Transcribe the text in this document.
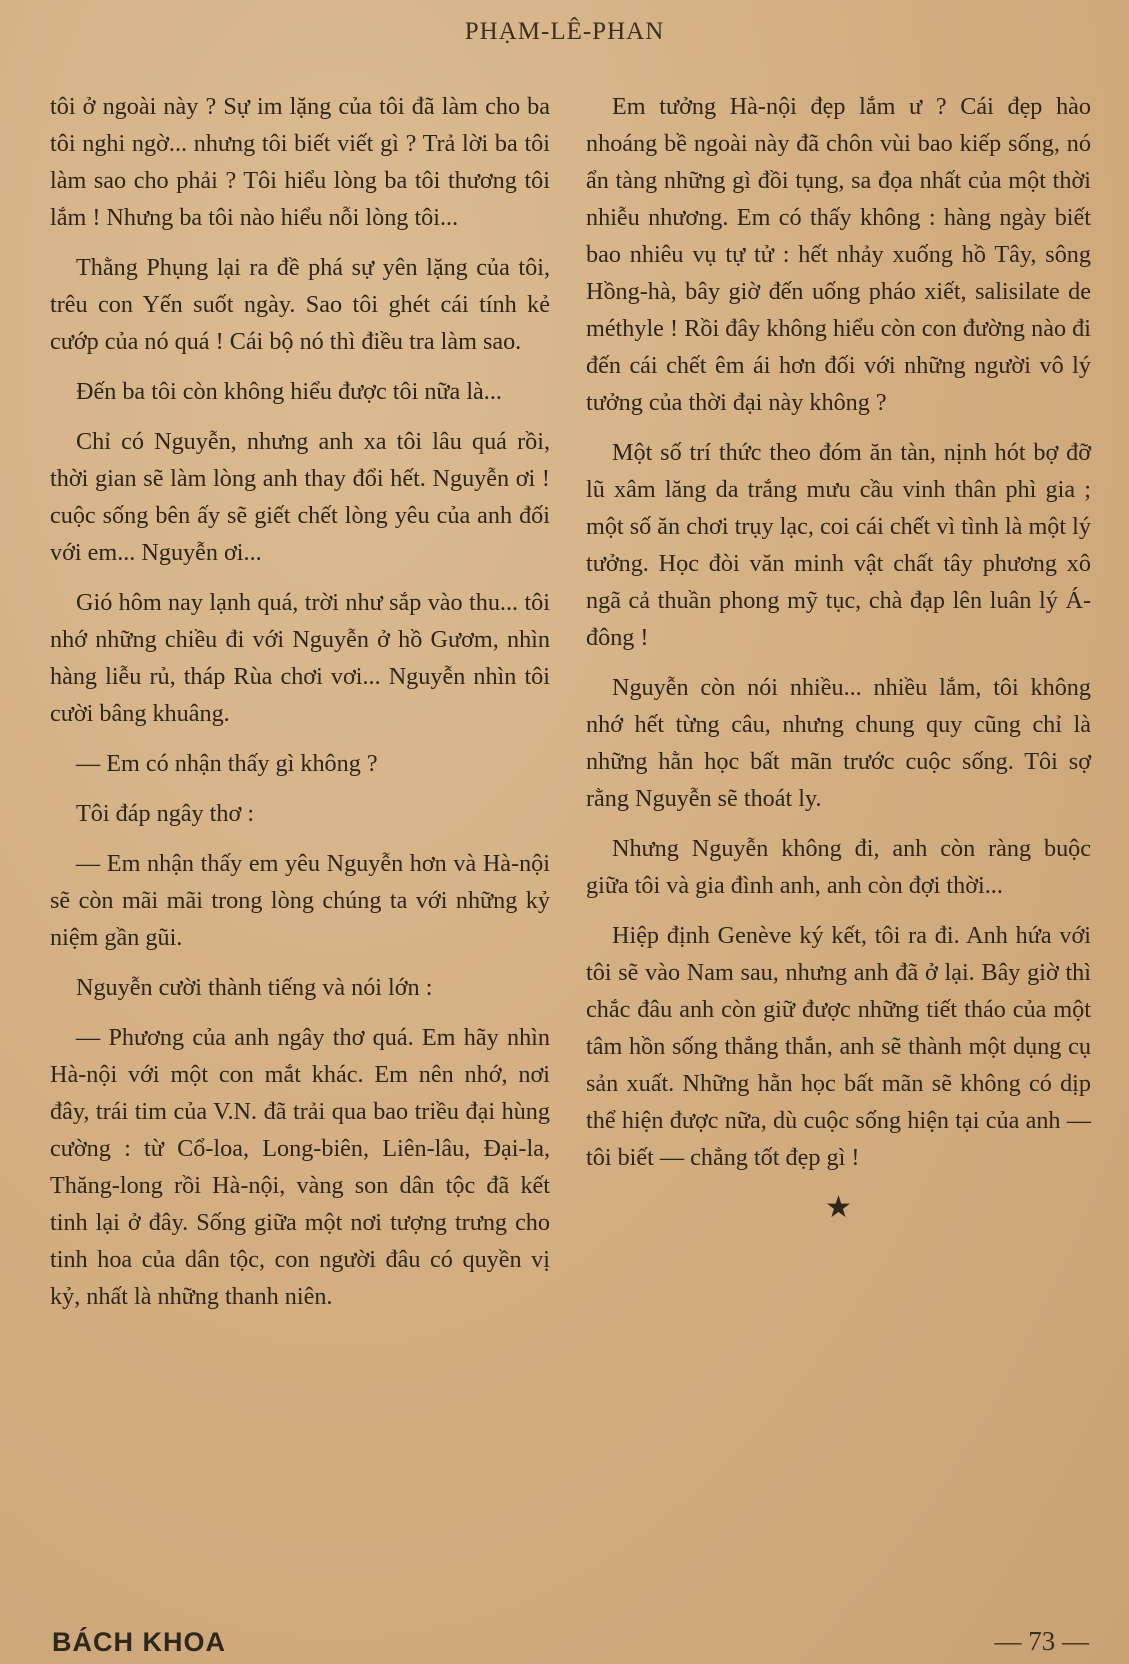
PHẠM-LÊ-PHAN

tôi ở ngoài này ? Sự im lặng của tôi đã làm cho ba tôi nghi ngờ... nhưng tôi biết viết gì ? Trả lời ba tôi làm sao cho phải ? Tôi hiểu lòng ba tôi thương tôi lắm ! Nhưng ba tôi nào hiểu nỗi lòng tôi...

Thằng Phụng lại ra đề phá sự yên lặng của tôi, trêu con Yến suốt ngày. Sao tôi ghét cái tính kẻ cướp của nó quá ! Cái bộ nó thì điều tra làm sao.

Đến ba tôi còn không hiểu được tôi nữa là...

Chỉ có Nguyễn, nhưng anh xa tôi lâu quá rồi, thời gian sẽ làm lòng anh thay đổi hết. Nguyễn ơi ! cuộc sống bên ấy sẽ giết chết lòng yêu của anh đối với em... Nguyễn ơi...

Gió hôm nay lạnh quá, trời như sắp vào thu... tôi nhớ những chiều đi với Nguyễn ở hồ Gươm, nhìn hàng liễu rủ, tháp Rùa chơi vơi... Nguyễn nhìn tôi cười bâng khuâng.

— Em có nhận thấy gì không ?

Tôi đáp ngây thơ :

— Em nhận thấy em yêu Nguyễn hơn và Hà-nội sẽ còn mãi mãi trong lòng chúng ta với những kỷ niệm gần gũi.

Nguyễn cười thành tiếng và nói lớn :

— Phương của anh ngây thơ quá. Em hãy nhìn Hà-nội với một con mắt khác. Em nên nhớ, nơi đây, trái tim của V.N. đã trải qua bao triều đại hùng cường : từ Cổ-loa, Long-biên, Liên-lâu, Đại-la, Thăng-long rồi Hà-nội, vàng son dân tộc đã kết tinh lại ở đây. Sống giữa một nơi tượng trưng cho tinh hoa của dân tộc, con người đâu có quyền vị kỷ, nhất là những thanh niên.

Em tưởng Hà-nội đẹp lắm ư ? Cái đẹp hào nhoáng bề ngoài này đã chôn vùi bao kiếp sống, nó ẩn tàng những gì đồi tụng, sa đọa nhất của một thời nhiễu nhương. Em có thấy không : hàng ngày biết bao nhiêu vụ tự tử : hết nhảy xuống hồ Tây, sông Hồng-hà, bây giờ đến uống pháo xiết, salisilate de méthyle ! Rồi đây không hiểu còn con đường nào đi đến cái chết êm ái hơn đối với những người vô lý tưởng của thời đại này không ?

Một số trí thức theo đóm ăn tàn, nịnh hót bợ đỡ lũ xâm lăng da trắng mưu cầu vinh thân phì gia ; một số ăn chơi trụy lạc, coi cái chết vì tình là một lý tưởng. Học đòi văn minh vật chất tây phương xô ngã cả thuần phong mỹ tục, chà đạp lên luân lý Á-đông !

Nguyễn còn nói nhiều... nhiều lắm, tôi không nhớ hết từng câu, nhưng chung quy cũng chỉ là những hằn học bất mãn trước cuộc sống. Tôi sợ rằng Nguyễn sẽ thoát ly.

Nhưng Nguyễn không đi, anh còn ràng buộc giữa tôi và gia đình anh, anh còn đợi thời...

Hiệp định Genève ký kết, tôi ra đi. Anh hứa với tôi sẽ vào Nam sau, nhưng anh đã ở lại. Bây giờ thì chắc đâu anh còn giữ được những tiết tháo của một tâm hồn sống thẳng thắn, anh sẽ thành một dụng cụ sản xuất. Những hằn học bất mãn sẽ không có dịp thể hiện được nữa, dù cuộc sống hiện tại của anh — tôi biết — chẳng tốt đẹp gì !

★
BÁCH KHOA	— 73 —
